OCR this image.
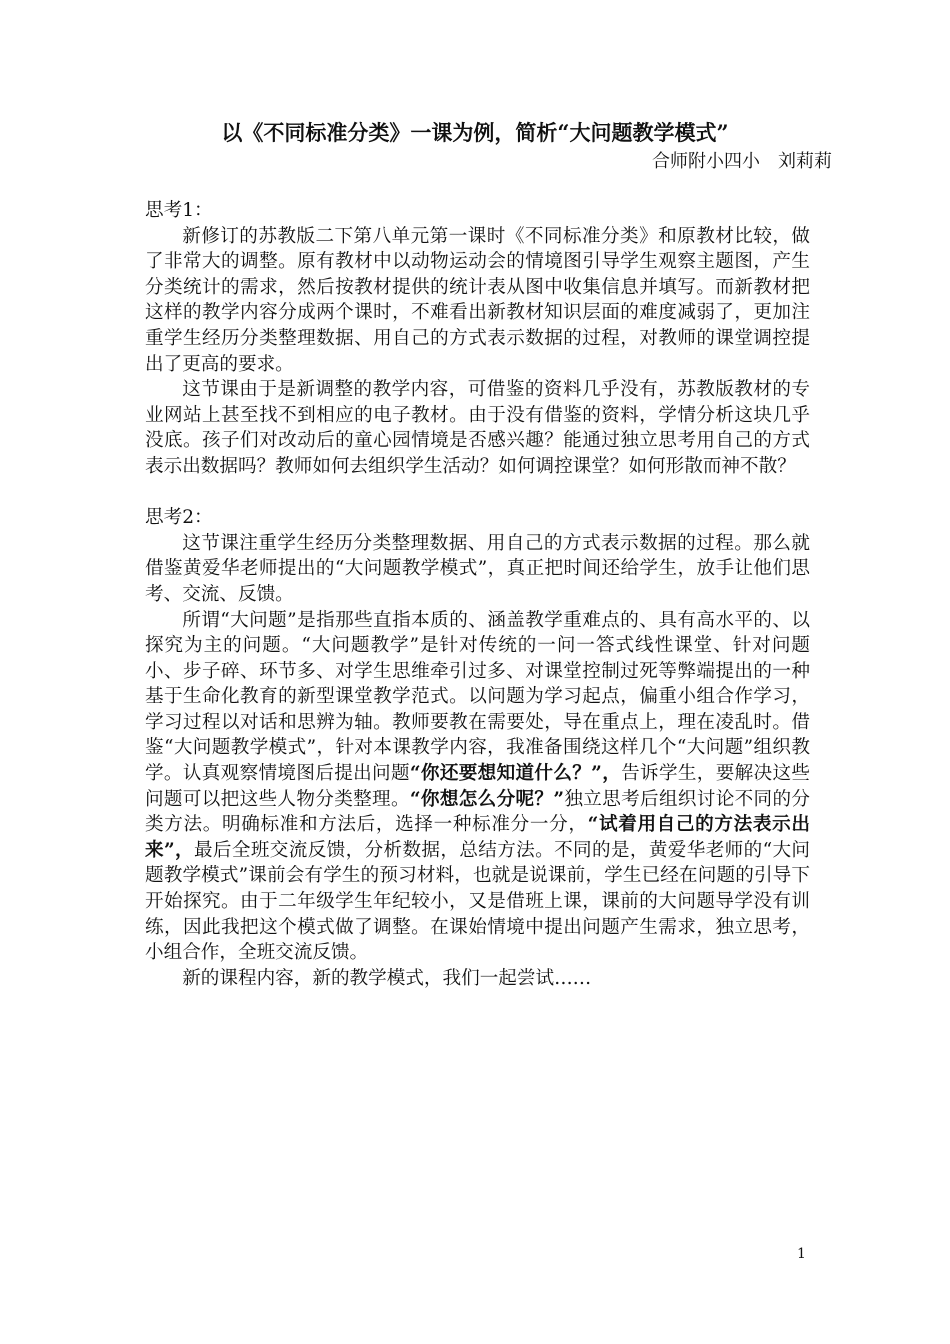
以《不同标准分类》一课为例，简析“大问题教学模式”
合师附小四小　刘莉莉

思考1：

新修订的苏教版二下第八单元第一课时《不同标准分类》和原教材比较，做了非常大的调整。原有教材中以动物运动会的情境图引导学生观察主题图，产生分类统计的需求，然后按教材提供的统计表从图中收集信息并填写。而新教材把这样的教学内容分成两个课时，不难看出新教材知识层面的难度减弱了，更加注重学生经历分类整理数据、用自己的方式表示数据的过程，对教师的课堂调控提出了更高的要求。

这节课由于是新调整的教学内容，可借鉴的资料几乎没有，苏教版教材的专业网站上甚至找不到相应的电子教材。由于没有借鉴的资料，学情分析这块几乎没底。孩子们对改动后的童心园情境是否感兴趣？能通过独立思考用自己的方式表示出数据吗？教师如何去组织学生活动？如何调控课堂？如何形散而神不散？

思考2：

这节课注重学生经历分类整理数据、用自己的方式表示数据的过程。那么就借鉴黄爱华老师提出的“大问题教学模式”，真正把时间还给学生，放手让他们思考、交流、反馈。

所谓“大问题”是指那些直指本质的、涵盖教学重难点的、具有高水平的、以探究为主的问题。“大问题教学”是针对传统的一问一答式线性课堂、针对问题小、步子碎、环节多、对学生思维牵引过多、对课堂控制过死等弊端提出的一种基于生命化教育的新型课堂教学范式。以问题为学习起点，偏重小组合作学习，学习过程以对话和思辨为轴。教师要教在需要处，导在重点上，理在凌乱时。借鉴“大问题教学模式”，针对本课教学内容，我准备围绕这样几个“大问题”组织教学。认真观察情境图后提出问题“你还要想知道什么？”，告诉学生，要解决这些问题可以把这些人物分类整理。“你想怎么分呢？”独立思考后组织讨论不同的分类方法。明确标准和方法后，选择一种标准分一分，“试着用自己的方法表示出来”，最后全班交流反馈，分析数据，总结方法。不同的是，黄爱华老师的“大问题教学模式”课前会有学生的预习材料，也就是说课前，学生已经在问题的引导下开始探究。由于二年级学生年纪较小，又是借班上课，课前的大问题导学没有训练，因此我把这个模式做了调整。在课始情境中提出问题产生需求，独立思考，小组合作，全班交流反馈。

新的课程内容，新的教学模式，我们一起尝试……

1
